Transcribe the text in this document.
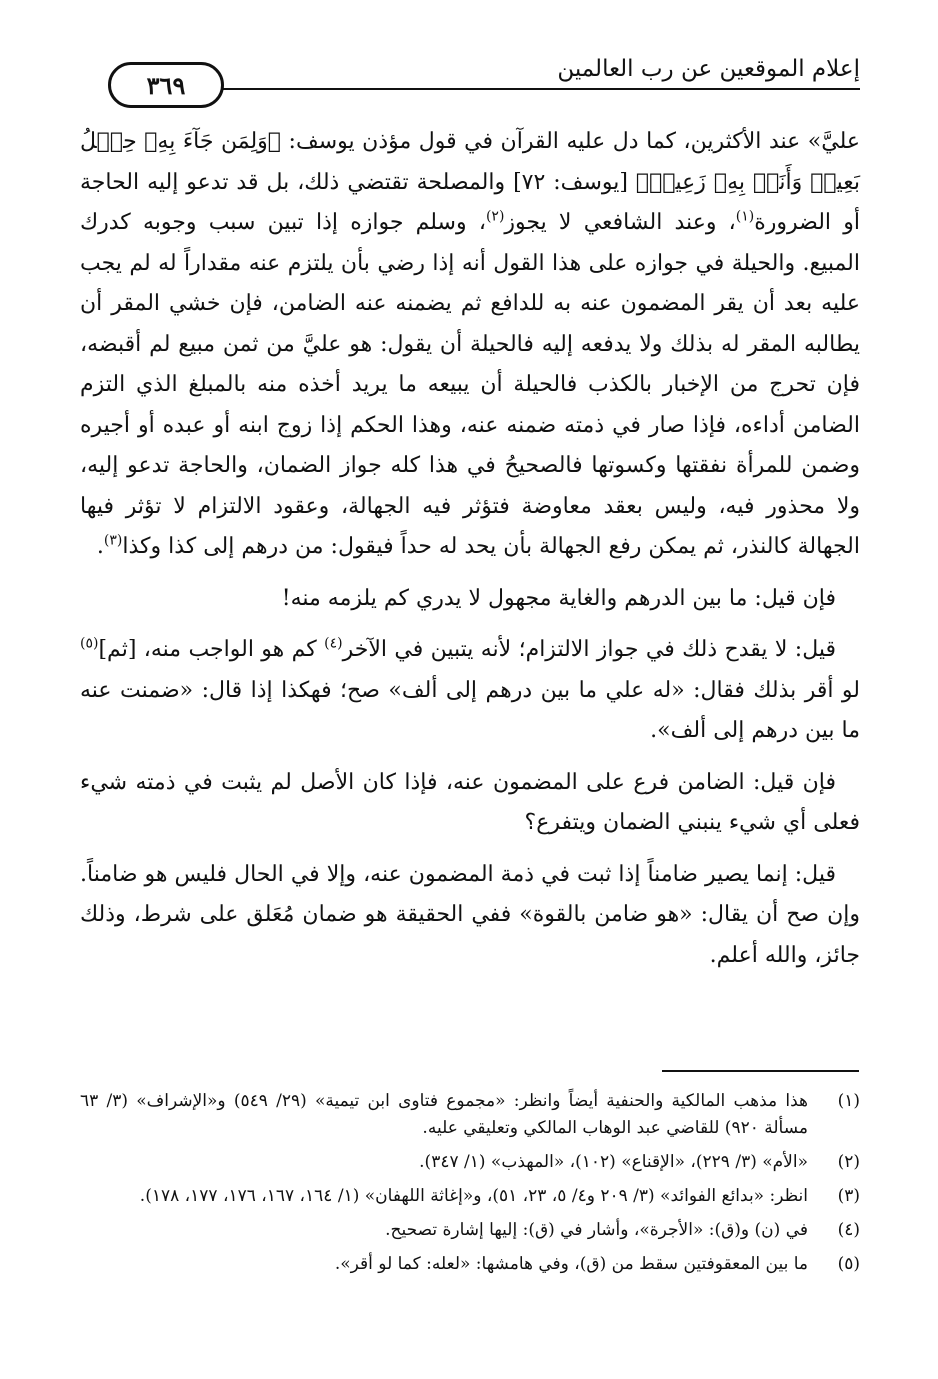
إعلام الموقعين عن رب العالمين
٣٦٩

عليَّ» عند الأكثرين، كما دل عليه القرآن في قول مؤذن يوسف: ﴿وَلِمَن جَآءَ بِهِۦ حِمۡلُ بَعِيرٖ وَأَنَا۠ بِهِۦ زَعِيمٞ﴾ [يوسف: ٧٢] والمصلحة تقتضي ذلك، بل قد تدعو إليه الحاجة أو الضرورة$^{(١)}$، وعند الشافعي لا يجوز$^{(٢)}$، وسلم جوازه إذا تبين سبب وجوبه كدرك المبيع. والحيلة في جوازه على هذا القول أنه إذا رضي بأن يلتزم عنه مقداراً له لم يجب عليه بعد أن يقر المضمون عنه به للدافع ثم يضمنه عنه الضامن، فإن خشي المقر أن يطالبه المقر له بذلك ولا يدفعه إليه فالحيلة أن يقول: هو عليَّ من ثمن مبيع لم أقبضه، فإن تحرج من الإخبار بالكذب فالحيلة أن يبيعه ما يريد أخذه منه بالمبلغ الذي التزم الضامن أداءه، فإذا صار في ذمته ضمنه عنه، وهذا الحكم إذا زوج ابنه أو عبده أو أجيره وضمن للمرأة نفقتها وكسوتها فالصحيحُ في هذا كله جواز الضمان، والحاجة تدعو إليه، ولا محذور فيه، وليس بعقد معاوضة فتؤثر فيه الجهالة، وعقود الالتزام لا تؤثر فيها الجهالة كالنذر، ثم يمكن رفع الجهالة بأن يحد له حداً فيقول: من درهم إلى كذا وكذا$^{(٣)}$.

فإن قيل: ما بين الدرهم والغاية مجهول لا يدري كم يلزمه منه!

قيل: لا يقدح ذلك في جواز الالتزام؛ لأنه يتبين في الآخر$^{(٤)}$ كم هو الواجب منه، [ثم]$^{(٥)}$ لو أقر بذلك فقال: «له علي ما بين درهم إلى ألف» صح؛ فهكذا إذا قال: «ضمنت عنه ما بين درهم إلى ألف».

فإن قيل: الضامن فرع على المضمون عنه، فإذا كان الأصل لم يثبت في ذمته شيء فعلى أي شيء ينبني الضمان ويتفرع؟

قيل: إنما يصير ضامناً إذا ثبت في ذمة المضمون عنه، وإلا في الحال فليس هو ضامناً. وإن صح أن يقال: «هو ضامن بالقوة» ففي الحقيقة هو ضمان مُعَلق على شرط، وذلك جائز، والله أعلم.

(١)
هذا مذهب المالكية والحنفية أيضاً وانظر: «مجموع فتاوى ابن تيمية» (٢٩/ ٥٤٩) و«الإشراف» (٣/ ٦٣ مسألة ٩٢٠) للقاضي عبد الوهاب المالكي وتعليقي عليه.
(٢)
«الأم» (٣/ ٢٢٩)، «الإقناع» (١٠٢)، «المهذب» (١/ ٣٤٧).
(٣)
انظر: «بدائع الفوائد» (٣/ ٢٠٩ و٤/ ٥، ٢٣، ٥١)، و«إغاثة اللهفان» (١/ ١٦٤، ١٦٧، ١٧٦، ١٧٧، ١٧٨).
(٤)
في (ن) و(ق): «الأجرة»، وأشار في (ق): إليها إشارة تصحيح.
(٥)
ما بين المعقوفتين سقط من (ق)، وفي هامشها: «لعله: كما لو أقر».
